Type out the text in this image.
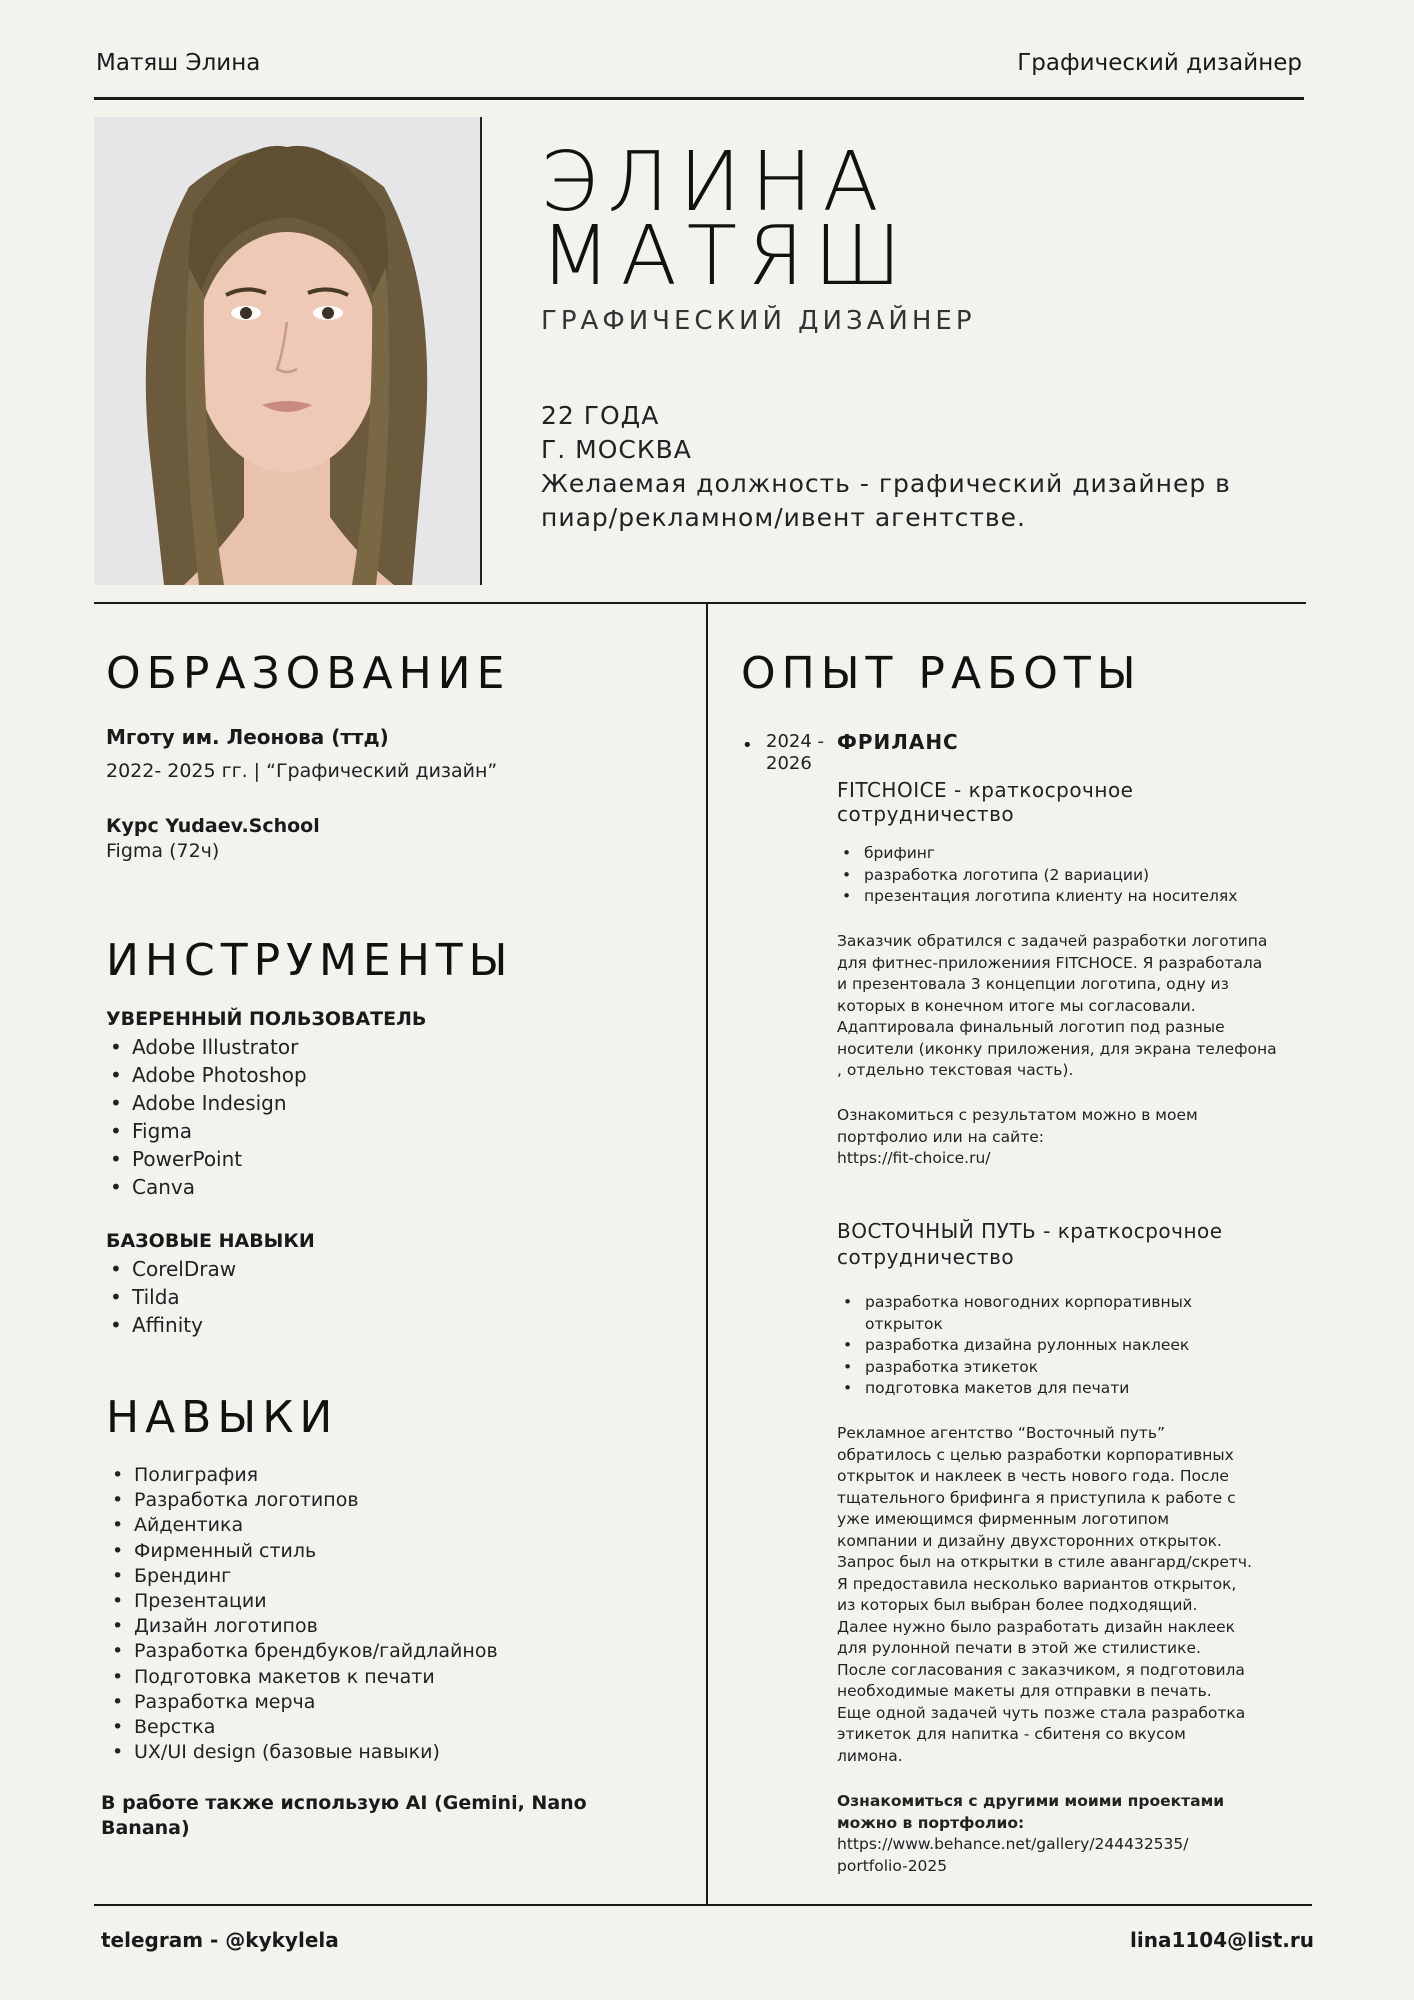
Матяш Элина	Графический дизайнер
ЭЛИНА
МАТЯШ
ГРАФИЧЕСКИЙ ДИЗАЙНЕР
22 ГОДА
Г. МОСКВА
Желаемая должность - графический дизайнер в
пиар/рекламном/ивент агентстве.
ОБРАЗОВАНИЕ
Мготу им. Леонова (ттд)
2022- 2025 гг. | “Графический дизайн”
Курс Yudaev.School
Figma (72ч)
ИНСТРУМЕНТЫ
УВЕРЕННЫЙ ПОЛЬЗОВАТЕЛЬ
• Adobe Illustrator
• Adobe Photoshop
• Adobe Indesign
• Figma
• PowerPoint
• Canva
БАЗОВЫЕ НАВЫКИ
• CorelDraw
• Tilda
• Affinity
НАВЫКИ
• Полиграфия
• Разработка логотипов
• Айдентика
• Фирменный стиль
• Брендинг
• Презентации
• Дизайн логотипов
• Разработка брендбуков/гайдлайнов
• Подготовка макетов к печати
• Разработка мерча
• Верстка
• UX/UI design (базовые навыки)
В работе также использую AI (Gemini, Nano
Banana)
ОПЫТ РАБОТЫ
• 2024 -
2026
ФРИЛАНС
FITCHOICE - краткосрочное
сотрудничество
• брифинг
• разработка логотипа (2 вариации)
• презентация логотипа клиенту на носителях
Заказчик обратился с задачей разработки логотипа
для фитнес-приложениия FITCHOCE. Я разработала
и презентовала 3 концепции логотипа, одну из
которых в конечном итоге мы согласовали.
Адаптировала финальный логотип под разные
носители (иконку приложения, для экрана телефона
, отдельно текстовая часть).
Ознакомиться с результатом можно в моем
портфолио или на сайте:
https://fit-choice.ru/
ВОСТОЧНЫЙ ПУТЬ - краткосрочное
сотрудничество
• разработка новогодних корпоративных
открыток
• разработка дизайна рулонных наклеек
• разработка этикеток
• подготовка макетов для печати
Рекламное агентство “Восточный путь”
обратилось с целью разработки корпоративных
открыток и наклеек в честь нового года. После
тщательного брифинга я приступила к работе с
уже имеющимся фирменным логотипом
компании и дизайну двухсторонних открыток.
Запрос был на открытки в стиле авангард/скретч.
Я предоставила несколько вариантов открыток,
из которых был выбран более подходящий.
Далее нужно было разработать дизайн наклеек
для рулонной печати в этой же стилистике.
После согласования с заказчиком, я подготовила
необходимые макеты для отправки в печать.
Еще одной задачей чуть позже стала разработка
этикеток для напитка - сбитеня со вкусом
лимона.
Ознакомиться с другими моими проектами
можно в портфолио:
https://www.behance.net/gallery/244432535/
portfolio-2025
telegram - @kykylela	lina1104@list.ru
